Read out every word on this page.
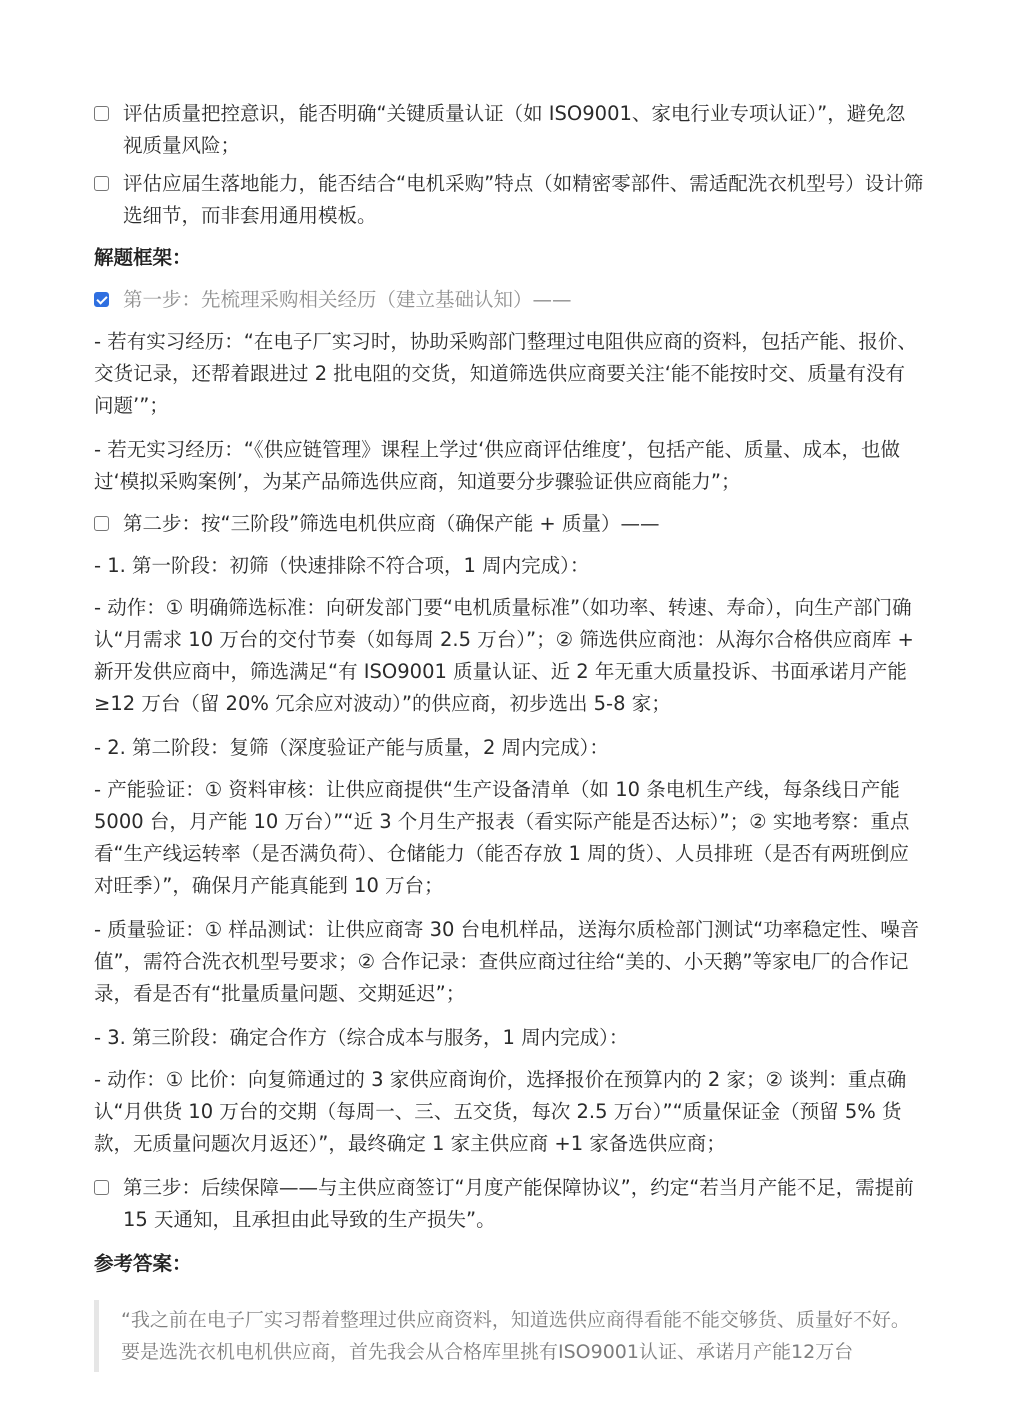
评估质量把控意识，能否明确“关键质量认证（如 ISO9001、家电行业专项认证）”，避免忽视质量风险；
评估应届生落地能力，能否结合“电机采购”特点（如精密零部件、需适配洗衣机型号）设计筛选细节，而非套用通用模板。
解题框架：
第一步：先梳理采购相关经历（建立基础认知）——
- 若有实习经历：“在电子厂实习时，协助采购部门整理过电阻供应商的资料，包括产能、报价、交货记录，还帮着跟进过 2 批电阻的交货，知道筛选供应商要关注‘能不能按时交、质量有没有问题’”；
- 若无实习经历：“《供应链管理》课程上学过‘供应商评估维度’，包括产能、质量、成本，也做过‘模拟采购案例’，为某产品筛选供应商，知道要分步骤验证供应商能力”；
第二步：按“三阶段”筛选电机供应商（确保产能 + 质量）——
- 1. 第一阶段：初筛（快速排除不符合项，1 周内完成）：
- 动作：① 明确筛选标准：向研发部门要“电机质量标准”（如功率、转速、寿命），向生产部门确认“月需求 10 万台的交付节奏（如每周 2.5 万台）”；② 筛选供应商池：从海尔合格供应商库 + 新开发供应商中，筛选满足“有 ISO9001 质量认证、近 2 年无重大质量投诉、书面承诺月产能≥12 万台（留 20% 冗余应对波动）”的供应商，初步选出 5-8 家；
- 2. 第二阶段：复筛（深度验证产能与质量，2 周内完成）：
- 产能验证：① 资料审核：让供应商提供“生产设备清单（如 10 条电机生产线，每条线日产能 5000 台，月产能 10 万台）”“近 3 个月生产报表（看实际产能是否达标）”；② 实地考察：重点看“生产线运转率（是否满负荷）、仓储能力（能否存放 1 周的货）、人员排班（是否有两班倒应对旺季）”，确保月产能真能到 10 万台；
- 质量验证：① 样品测试：让供应商寄 30 台电机样品，送海尔质检部门测试“功率稳定性、噪音值”，需符合洗衣机型号要求；② 合作记录：查供应商过往给“美的、小天鹅”等家电厂的合作记录，看是否有“批量质量问题、交期延迟”；
- 3. 第三阶段：确定合作方（综合成本与服务，1 周内完成）：
- 动作：① 比价：向复筛通过的 3 家供应商询价，选择报价在预算内的 2 家；② 谈判：重点确认“月供货 10 万台的交期（每周一、三、五交货，每次 2.5 万台）”“质量保证金（预留 5% 货款，无质量问题次月返还）”，最终确定 1 家主供应商 +1 家备选供应商；
第三步：后续保障——与主供应商签订“月度产能保障协议”，约定“若当月产能不足，需提前 15 天通知，且承担由此导致的生产损失”。
参考答案：
“我之前在电子厂实习帮着整理过供应商资料，知道选供应商得看能不能交够货、质量好不好。要是选洗衣机电机供应商，首先我会从合格库里挑有ISO9001认证、承诺月产能12万台
